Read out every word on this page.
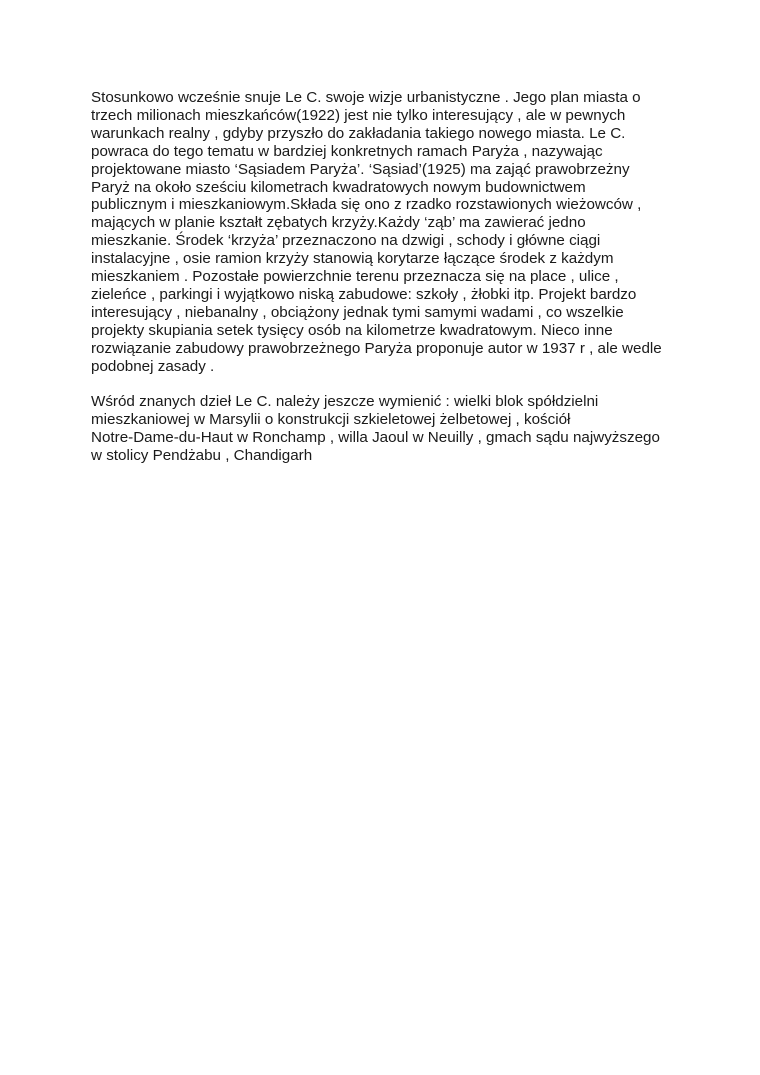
Stosunkowo wcześnie snuje Le C. swoje wizje urbanistyczne . Jego plan miasta o
trzech milionach mieszkańców(1922) jest nie tylko interesujący , ale w pewnych
warunkach realny , gdyby przyszło do zakładania takiego nowego miasta. Le C.
powraca do tego tematu w bardziej konkretnych ramach Paryża , nazywając
projektowane miasto ‘Sąsiadem Paryża’. ‘Sąsiad’(1925) ma zająć prawobrzeżny
Paryż na około sześciu kilometrach kwadratowych nowym budownictwem
publicznym i mieszkaniowym.Składa się ono z rzadko rozstawionych wieżowców ,
mających w planie kształt zębatych krzyży.Każdy ‘ząb’ ma zawierać jedno
mieszkanie. Środek ‘krzyża’ przeznaczono na dzwigi , schody i główne ciągi
instalacyjne , osie ramion krzyży stanowią korytarze łączące środek z każdym
mieszkaniem . Pozostałe powierzchnie terenu przeznacza się na place , ulice ,
zieleńce , parkingi i wyjątkowo niską zabudowe: szkoły , żłobki itp. Projekt bardzo
interesujący , niebanalny , obciążony jednak tymi samymi wadami , co wszelkie
projekty skupiania setek tysięcy osób na kilometrze kwadratowym. Nieco inne
rozwiązanie zabudowy prawobrzeżnego Paryża proponuje autor w 1937 r , ale wedle
podobnej zasady .
Wśród znanych dzieł Le C. należy jeszcze wymienić : wielki blok spółdzielni
mieszkaniowej w Marsylii o konstrukcji szkieletowej żelbetowej , kościół
Notre-Dame-du-Haut w Ronchamp , willa Jaoul w Neuilly , gmach sądu najwyższego
w stolicy Pendżabu , Chandigarh
